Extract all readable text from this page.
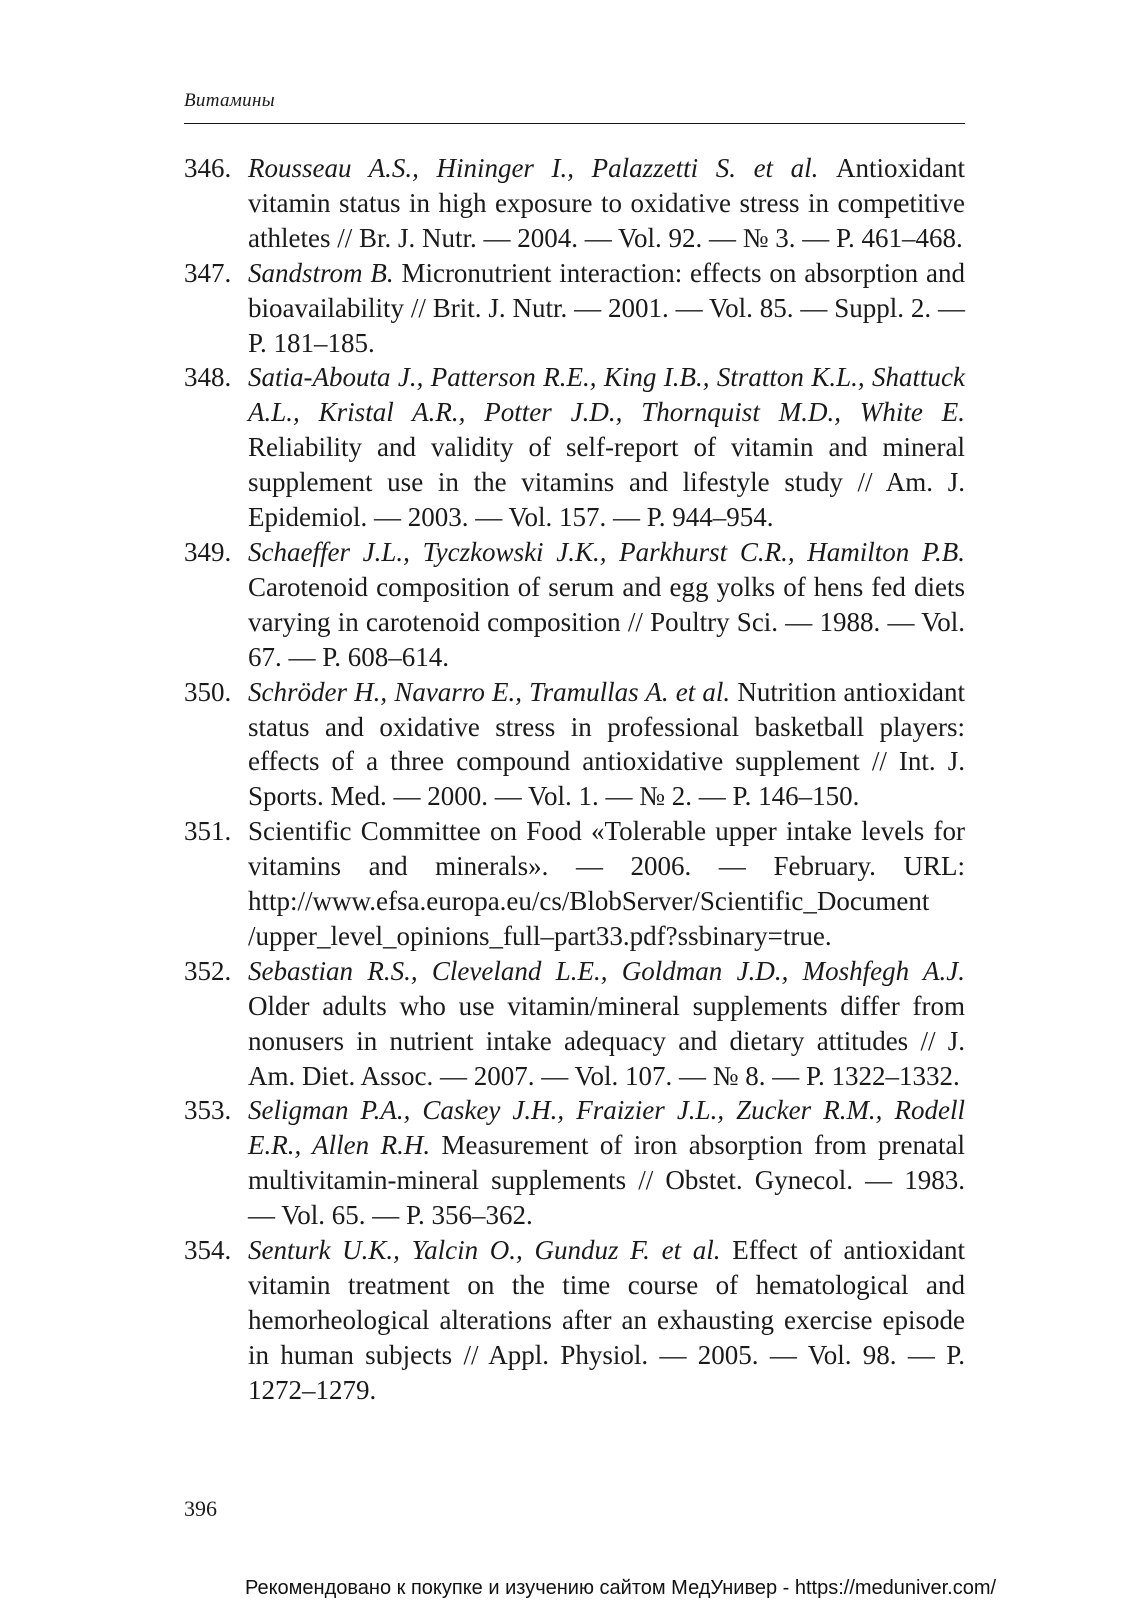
Витамины
346. Rousseau A.S., Hininger I., Palazzetti S. et al. Antioxidant vitamin status in high exposure to oxidative stress in competitive athletes // Br. J. Nutr. — 2004. — Vol. 92. — № 3. — P. 461–468.
347. Sandstrom B. Micronutrient interaction: effects on absorption and bioavailability // Brit. J. Nutr. — 2001. — Vol. 85. — Suppl. 2. — P. 181–185.
348. Satia-Abouta J., Patterson R.E., King I.B., Stratton K.L., Shattuck A.L., Kristal A.R., Potter J.D., Thornquist M.D., White E. Reliability and validity of self-report of vitamin and mineral supplement use in the vitamins and lifestyle study // Am. J. Epidemiol. — 2003. — Vol. 157. — P. 944–954.
349. Schaeffer J.L., Tyczkowski J.K., Parkhurst C.R., Hamilton P.B. Carotenoid composition of serum and egg yolks of hens fed diets varying in carotenoid composition // Poultry Sci. — 1988. — Vol. 67. — P. 608–614.
350. Schröder H., Navarro E., Tramullas A. et al. Nutrition antioxidant status and oxidative stress in professional basketball players: effects of a three compound antioxidative supplement // Int. J. Sports. Med. — 2000. — Vol. 1. — № 2. — P. 146–150.
351. Scientific Committee on Food «Tolerable upper intake levels for vitamins and minerals». — 2006. — February. URL: http://www.efsa.europa.eu/cs/BlobServer/Scientific_Document /upper_level_opinions_full–part33.pdf?ssbinary=true.
352. Sebastian R.S., Cleveland L.E., Goldman J.D., Moshfegh A.J. Older adults who use vitamin/mineral supplements differ from nonusers in nutrient intake adequacy and dietary attitudes // J. Am. Diet. Assoc. — 2007. — Vol. 107. — № 8. — P. 1322–1332.
353. Seligman P.A., Caskey J.H., Fraizier J.L., Zucker R.M., Rodell E.R., Allen R.H. Measurement of iron absorption from prenatal multivitamin-mineral supplements // Obstet. Gynecol. — 1983. — Vol. 65. — P. 356–362.
354. Senturk U.K., Yalcin O., Gunduz F. et al. Effect of antioxidant vitamin treatment on the time course of hematological and hemorheological alterations after an exhausting exercise episode in human subjects // Appl. Physiol. — 2005. — Vol. 98. — P. 1272–1279.
396
Рекомендовано к покупке и изучению сайтом МедУнивер - https://meduniver.com/
